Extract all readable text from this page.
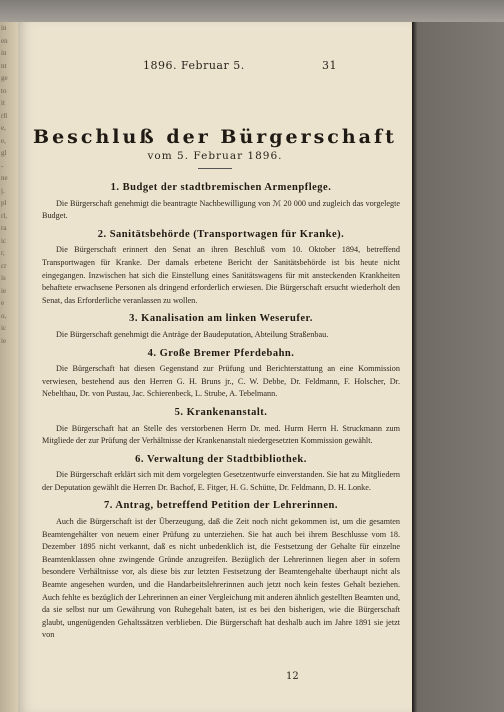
in
en
in
nt
ge
to
it
rll
e,
e,
gl
-
ne
j.
pl
rl,
ra
ic
r,
cr
is
ie
e
o,
ic
ie
1896. Februar 5.	31
Beschluß der Bürgerschaft
vom 5. Februar 1896.
1. Budget der stadtbremischen Armenpflege.

Die Bürgerschaft genehmigt die beantragte Nachbewilligung von ℳ 20 000 und zugleich das vorgelegte Budget.

2. Sanitätsbehörde (Transportwagen für Kranke).

Die Bürgerschaft erinnert den Senat an ihren Beschluß vom 10. Oktober 1894, betreffend Transportwagen für Kranke. Der damals erbetene Bericht der Sanitätsbehörde ist bis heute nicht eingegangen. Inzwischen hat sich die Einstellung eines Sanitätswagens für mit ansteckenden Krankheiten behaftete erwachsene Personen als dringend erforderlich erwiesen. Die Bürgerschaft ersucht wiederholt den Senat, das Erforderliche veranlassen zu wollen.

3. Kanalisation am linken Weserufer.

Die Bürgerschaft genehmigt die Anträge der Baudeputation, Abteilung Straßenbau.

4. Große Bremer Pferdebahn.

Die Bürgerschaft hat diesen Gegenstand zur Prüfung und Berichterstattung an eine Kommission verwiesen, bestehend aus den Herren G. H. Bruns jr., C. W. Debbe, Dr. Feldmann, F. Holscher, Dr. Nebelthau, Dr. von Pustau, Jac. Schierenbeck, L. Strube, A. Tebelmann.

5. Krankenanstalt.

Die Bürgerschaft hat an Stelle des verstorbenen Herrn Dr. med. Hurm Herrn H. Struckmann zum Mitgliede der zur Prüfung der Verhältnisse der Krankenanstalt niedergesetzten Kommission gewählt.

6. Verwaltung der Stadtbibliothek.

Die Bürgerschaft erklärt sich mit dem vorgelegten Gesetzentwurfe einverstanden. Sie hat zu Mitgliedern der Deputation gewählt die Herren Dr. Bachof, E. Fitger, H. G. Schütte, Dr. Feldmann, D. H. Lonke.

7. Antrag, betreffend Petition der Lehrerinnen.

Auch die Bürgerschaft ist der Überzeugung, daß die Zeit noch nicht gekommen ist, um die gesamten Beamtengehälter von neuem einer Prüfung zu unterziehen. Sie hat auch bei ihrem Beschlusse vom 18. Dezember 1895 nicht verkannt, daß es nicht unbedenklich ist, die Festsetzung der Gehalte für einzelne Beamtenklassen ohne zwingende Gründe anzugreifen. Bezüglich der Lehrerinnen liegen aber in sofern besondere Verhältnisse vor, als diese bis zur letzten Festsetzung der Beamtengehalte überhaupt nicht als Beamte angesehen wurden, und die Handarbeitslehrerinnen auch jetzt noch kein festes Gehalt beziehen. Auch fehlte es bezüglich der Lehrerinnen an einer Vergleichung mit anderen ähnlich gestellten Beamten und, da sie selbst nur um Gewährung von Ruhegehalt baten, ist es bei den bisherigen, wie die Bürgerschaft glaubt, ungenügenden Gehaltssätzen verblieben. Die Bürgerschaft hat deshalb auch im Jahre 1891 sie jetzt von

12
